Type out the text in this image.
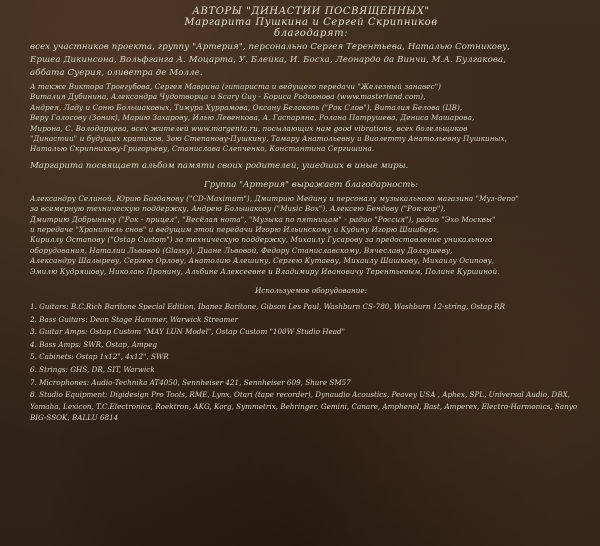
АВТОРЫ "ДИНАСТИИ ПОСВЯЩЕННЫХ"
Маргарита Пушкина и Сергей Скрипников
благодарят:
всех участников проекта, группу "Артерия", персонально Сергея Терентьева, Наталью Сотникову,
Ершеа Дикинсона, Вольфганга А. Моцарта, У. Блейка, И. Босха, Леонардо да Винчи, М.А. Булгакова,
аббата Суерия, оливетра де Молле.
А также Виктора Троегубова, Сергея Маврина (гитариста и ведущего передачи "Железный занавес")
Виталия Дубинина, Александра Чудотворца и Scary Guy - Бориса Родионова (www.masterland.com),
Андрея, Ладу и Соню Большаковых, Тимура Хуррамова, Оксану Белокопь ("Рок Слов"), Виталия Белова (ЦВ),
Веру Голосову (Зоник), Марию Захарову, Илью Левенкова, А. Гаспаряна, Ролана Патрушева, Дениса Машарова,
Мирона, С. Володарцева, всех жителей www.margenta.ru, посылающих нам good vibrations, всех болельщиков
"Династии" и будущих критиков, Зою Степанову-Пушкину, Тамару Анатольевну и Виолетту Анатольевну Пушкиных,
Наталью Скрипникову-Григорьеву, Станислава Слепченко, Константина Сергишина.
Маргарита посвящает альбом памяти своих родителей, ушедших в иные миры.
Группа "Артерия" выражает благодарность:
Александру Селиной, Юрию Богданову ("CD-Maximum"), Дмитрию Медину и персоналу музыкального магазина "Муз-депо"
за всемерную техническую поддержку, Андрею Большакову ("Music Box"), Алексею Бендову ("Рок-кор"),
Дмитрию Добрынину ("Рок - прицел", "Весёлая нота", "Музыка по пятницам" - радио "Россия"), радио "Эхо Москвы"
и передаче "Хранитель снов" и ведущим этой передачи Игорю Ильинскому и Кудину Игорю Шишберг,
Кириллу Остапову ("Ostap Custom") за техническую поддержку, Михаилу Гусарову за предоставление уникального
оборудования, Наталии Львовой (Glassy), Диане Львовой, Федору Станиславскому, Вячеславу Долгушеву,
Александру Шалыреву, Сергею Орлову, Анатолию Алешину, Сергею Кутаеву, Михаилу Шишкову, Михаилу Осипову,
Эмилю Кудряшову, Николаю Пронину, Альбине Алексеевне и Владимиру Ивановичу Терентьевым, Полине Куршиной.
Используемое оборудование:
1. Guitars: B.C.Rich Baritone Special Edition, Ibanez Baritone, Gibson Les Paul, Washburn CS-780, Washburn 12-string, Ostap RR
2. Bass Guitars: Dean Stage Hammer, Warwick Streamer
3. Guitar Amps: Ostap Custom "MAY LUN Model", Ostap Custom "100W Studio Head"
4. Bass Amps: SWR, Ostap, Ampeg
5. Cabinets: Ostap 1x12", 4x12", SWR
6. Strings: GHS, DR, SIT, Warwick
7. Microphones: Audio-Technika AT4050, Sennheiser 421, Sennheiser 609, Shure SM57
8. Studio Equipment: Digidesign Pro Tools, RME, Lynx, Otari (tape recorder), Dynaudio Acoustics, Peavey USA , Aphex, SPL, Universal Audio, DBX, Yamaha, Lexicon, T.C.Electronics, Roektron, AKG, Korg, Symmetrix, Behringer, Gemini, Canare, Amphenol, Bast, Amperex, Electro-Harmonics, Sanyo BIG-SSOK, BALLU 6814
